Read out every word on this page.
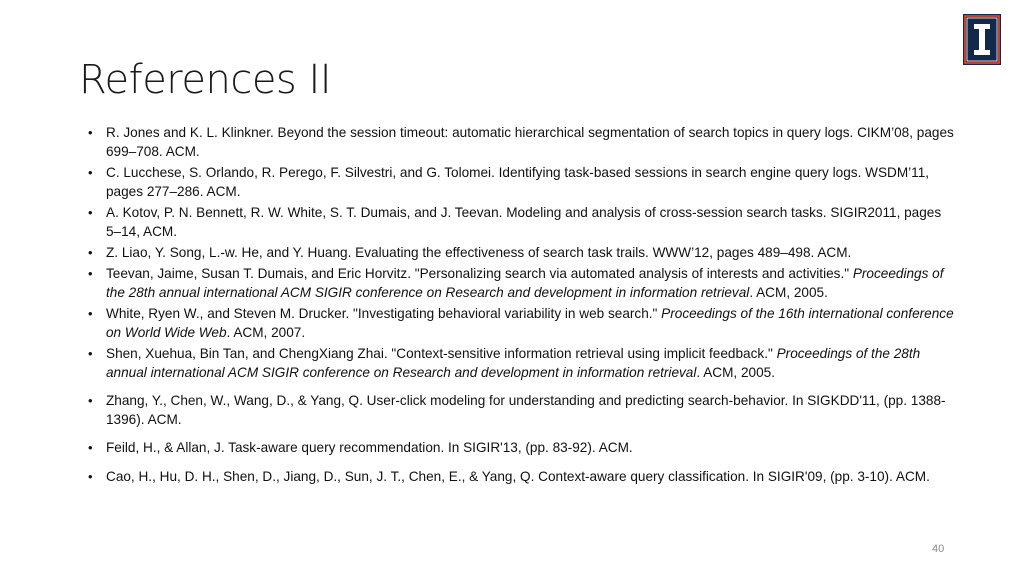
References II
• R. Jones and K. L. Klinkner. Beyond the session timeout: automatic hierarchical segmentation of search topics in query logs. CIKM’08, pages 699–708. ACM.
• C. Lucchese, S. Orlando, R. Perego, F. Silvestri, and G. Tolomei. Identifying task-based sessions in search engine query logs. WSDM’11, pages 277–286. ACM.
• A. Kotov, P. N. Bennett, R. W. White, S. T. Dumais, and J. Teevan. Modeling and analysis of cross-session search tasks. SIGIR2011, pages 5–14, ACM.
• Z. Liao, Y. Song, L.-w. He, and Y. Huang. Evaluating the effectiveness of search task trails. WWW’12, pages 489–498. ACM.
• Teevan, Jaime, Susan T. Dumais, and Eric Horvitz. "Personalizing search via automated analysis of interests and activities." Proceedings of the 28th annual international ACM SIGIR conference on Research and development in information retrieval. ACM, 2005.
• White, Ryen W., and Steven M. Drucker. "Investigating behavioral variability in web search." Proceedings of the 16th international conference on World Wide Web. ACM, 2007.
• Shen, Xuehua, Bin Tan, and ChengXiang Zhai. "Context-sensitive information retrieval using implicit feedback." Proceedings of the 28th annual international ACM SIGIR conference on Research and development in information retrieval. ACM, 2005.
• Zhang, Y., Chen, W., Wang, D., & Yang, Q. User-click modeling for understanding and predicting search-behavior. In SIGKDD'11, (pp. 1388-1396). ACM.
• Feild, H., & Allan, J. Task-aware query recommendation. In SIGIR'13, (pp. 83-92). ACM.
• Cao, H., Hu, D. H., Shen, D., Jiang, D., Sun, J. T., Chen, E., & Yang, Q. Context-aware query classification. In SIGIR'09, (pp. 3-10). ACM.
40
